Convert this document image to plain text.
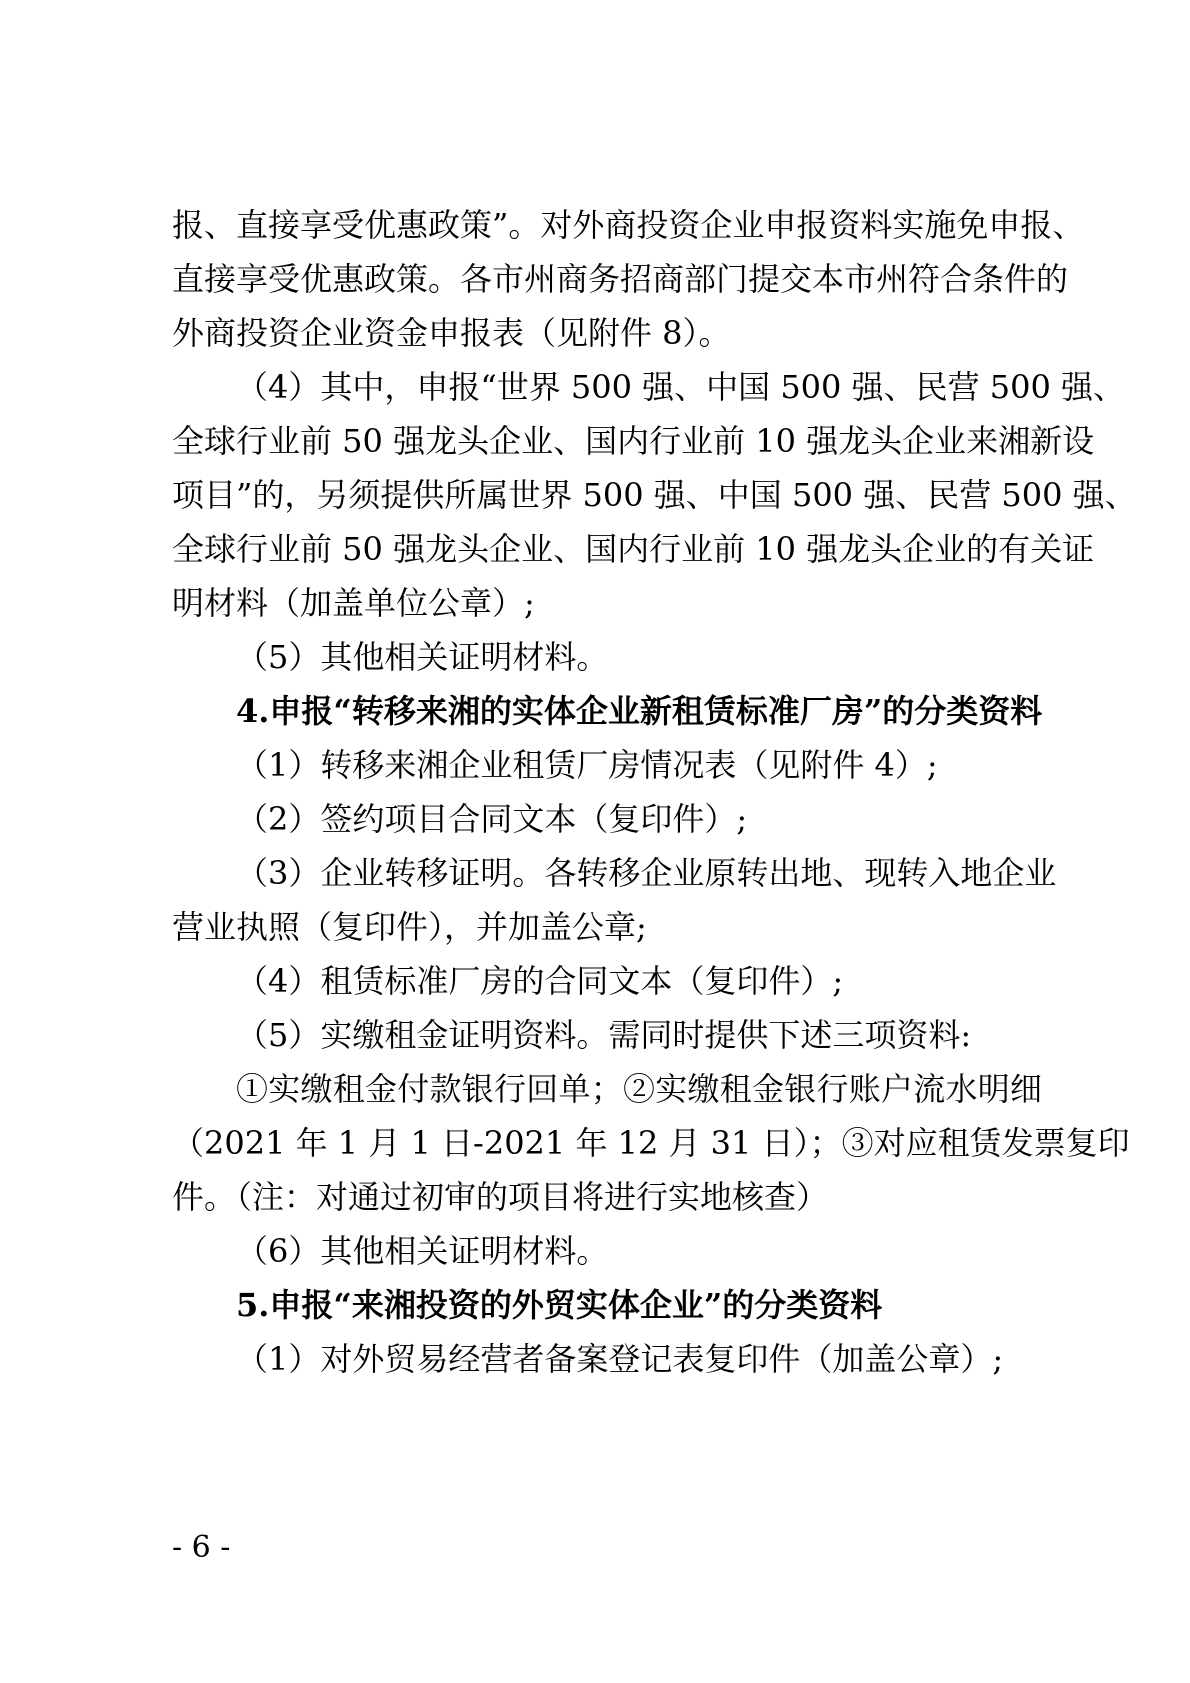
报、直接享受优惠政策”。对外商投资企业申报资料实施免申报、
直接享受优惠政策。各市州商务招商部门提交本市州符合条件的
外商投资企业资金申报表（见附件 8）。
（4）其中，申报“世界 500 强、中国 500 强、民营 500 强、
全球行业前 50 强龙头企业、国内行业前 10 强龙头企业来湘新设
项目”的，另须提供所属世界 500 强、中国 500 强、民营 500 强、
全球行业前 50 强龙头企业、国内行业前 10 强龙头企业的有关证
明材料（加盖单位公章）;
（5）其他相关证明材料。
4.申报“转移来湘的实体企业新租赁标准厂房”的分类资料
（1）转移来湘企业租赁厂房情况表（见附件 4）;
（2）签约项目合同文本（复印件）;
（3）企业转移证明。各转移企业原转出地、现转入地企业
营业执照（复印件），并加盖公章;
（4）租赁标准厂房的合同文本（复印件）;
（5）实缴租金证明资料。需同时提供下述三项资料:
①实缴租金付款银行回单；②实缴租金银行账户流水明细
（2021 年 1 月 1 日-2021 年 12 月 31 日）；③对应租赁发票复印
件。（注：对通过初审的项目将进行实地核查）
（6）其他相关证明材料。
5.申报“来湘投资的外贸实体企业”的分类资料
（1）对外贸易经营者备案登记表复印件（加盖公章）;
- 6 -
